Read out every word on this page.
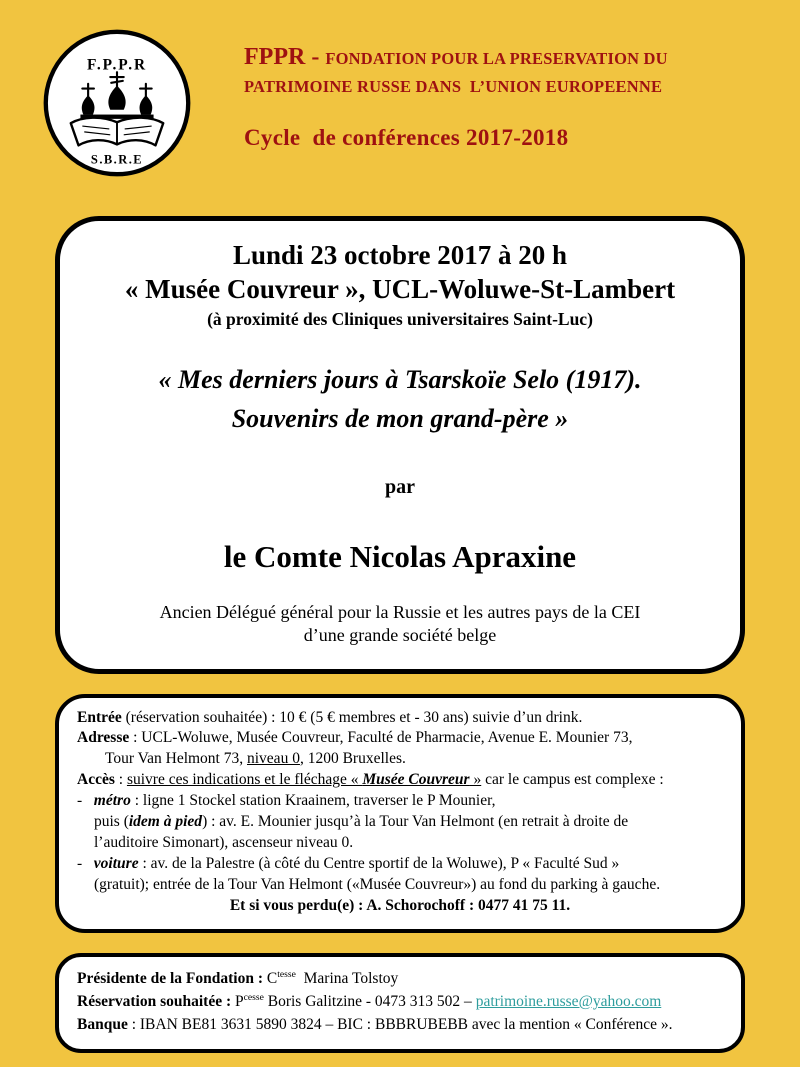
F.P.P.R
S.B.R.E
FPPR - FONDATION POUR LA PRESERVATION DU
PATRIMOINE RUSSE DANS  L’UNION EUROPEENNE
Cycle  de conférences 2017-2018
Lundi 23 octobre 2017 à 20 h
« Musée Couvreur », UCL-Woluwe-St-Lambert
(à proximité des Cliniques universitaires Saint-Luc)
« Mes derniers jours à Tsarskoïe Selo (1917).
Souvenirs de mon grand-père »
par
le Comte Nicolas Apraxine
Ancien Délégué général pour la Russie et les autres pays de la CEI
d’une grande société belge
Entrée (réservation souhaitée) : 10 € (5 € membres et - 30 ans) suivie d’un drink.
Adresse : UCL-Woluwe, Musée Couvreur, Faculté de Pharmacie, Avenue E. Mounier 73,
Tour Van Helmont 73, niveau 0, 1200 Bruxelles.
Accès : suivre ces indications et le fléchage « Musée Couvreur » car le campus est complexe :
-   métro : ligne 1 Stockel station Kraainem, traverser le P Mounier,
puis (idem à pied) : av. E. Mounier jusqu’à la Tour Van Helmont (en retrait à droite de
l’auditoire Simonart), ascenseur niveau 0.
-   voiture : av. de la Palestre (à côté du Centre sportif de la Woluwe), P « Faculté Sud »
(gratuit); entrée de la Tour Van Helmont («Musée Couvreur») au fond du parking à gauche.
Et si vous perdu(e) : A. Schorochoff : 0477 41 75 11.
Présidente de la Fondation : $C^{tesse}$  Marina Tolstoy
Réservation souhaitée : $P^{cesse}$ Boris Galitzine - 0473 313 502 – patrimoine.russe@yahoo.com
Banque : IBAN BE81 3631 5890 3824 – BIC : BBBRUBEBB avec la mention « Conférence ».
